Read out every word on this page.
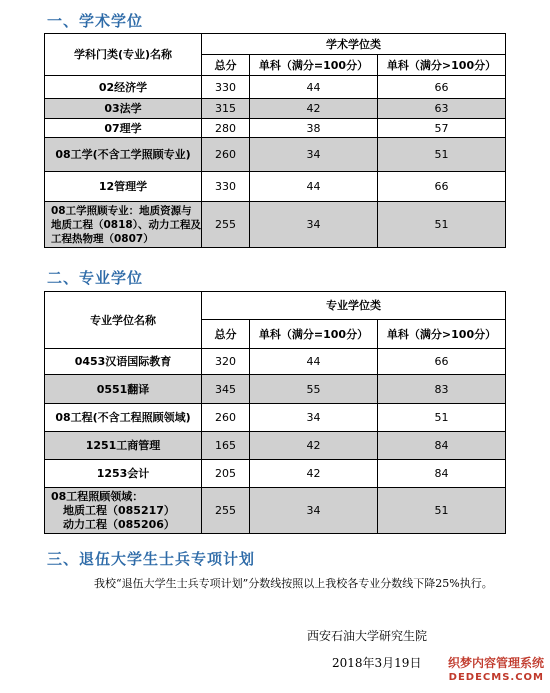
一、学术学位
学科门类(专业)名称	学术学位类		
	总分	单科（满分=100分）	单科（满分>100分）
02经济学	330	44	66
03法学	315	42	63
07理学	280	38	57
08工学(不含工学照顾专业)	260	34	51
12管理学	330	44	66
08工学照顾专业：地质资源与地质工程（0818）、动力工程及工程热物理（0807）	255	34	51
二、专业学位
专业学位名称	专业学位类		
	总分	单科（满分=100分）	单科（满分>100分）
0453汉语国际教育	320	44	66
0551翻译	345	55	83
08工程(不含工程照顾领域)	260	34	51
1251工商管理	165	42	84
1253会计	205	42	84

08工程照顾领域：
地质工程（085217）
动力工程（085206）	255	34	51
三、退伍大学生士兵专项计划
我校“退伍大学生士兵专项计划”分数线按照以上我校各专业分数线下降25%执行。
西安石油大学研究生院
2018年3月19日	织梦内容管理系统
DEDECMS.COM
